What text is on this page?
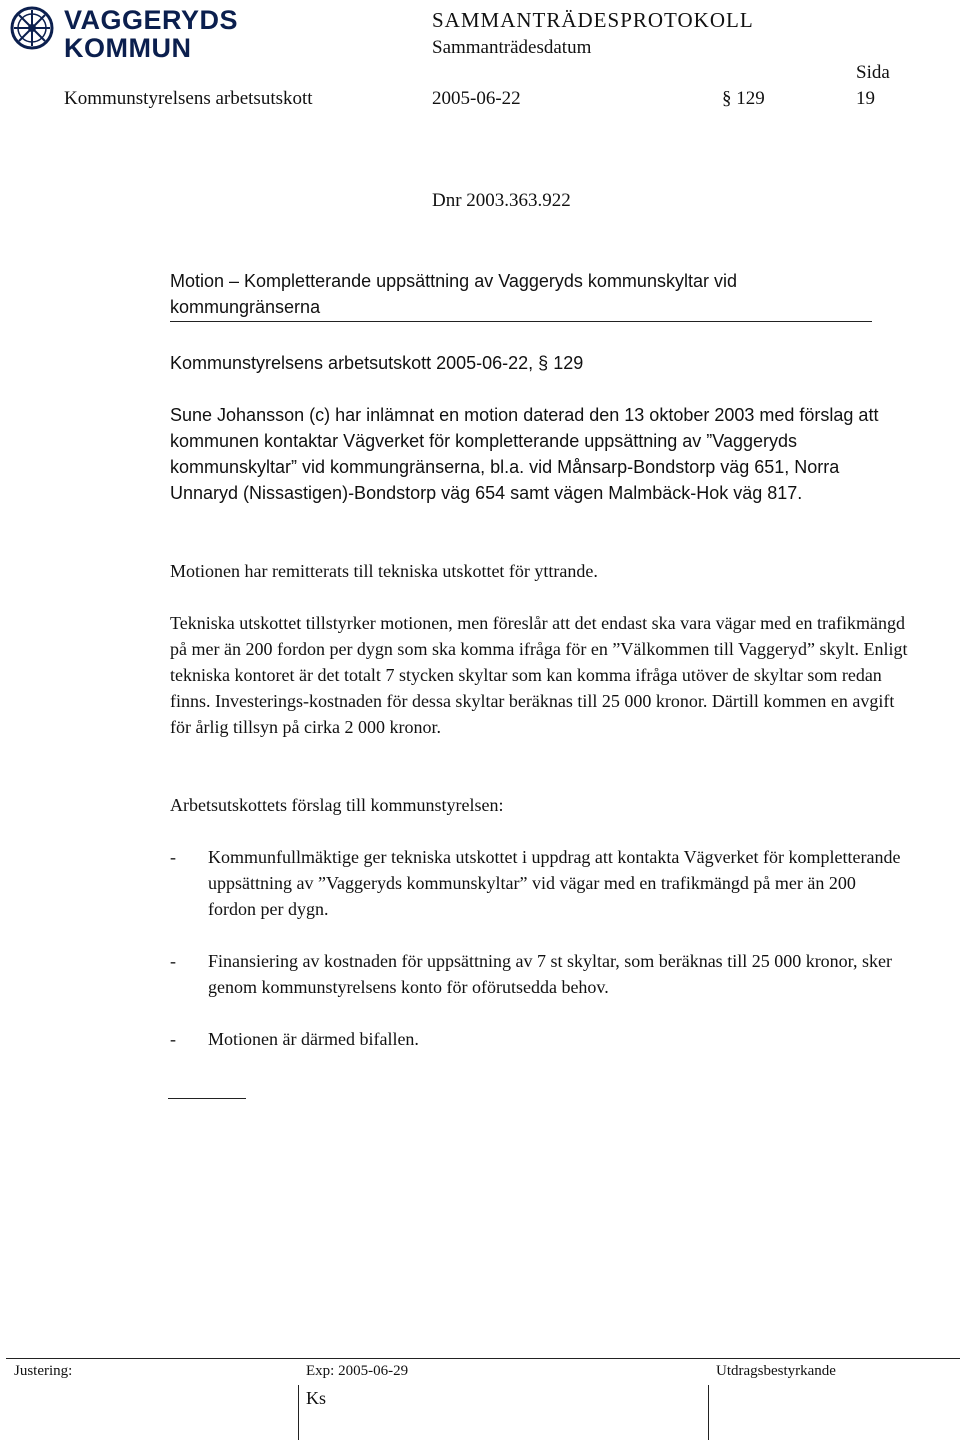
VAGGERYDS
KOMMUN
SAMMANTRÄDESPROTOKOLL
Sammanträdesdatum
Sida
Kommunstyrelsens arbetsutskott	2005-06-22	§ 129	19
Dnr 2003.363.922
Motion – Kompletterande uppsättning av Vaggeryds kommunskyltar vid kommungränserna
Kommunstyrelsens arbetsutskott 2005-06-22, § 129
Sune Johansson (c) har inlämnat en motion daterad den 13 oktober 2003 med förslag att kommunen kontaktar Vägverket för kompletterande uppsättning av ”Vaggeryds kommunskyltar” vid kommungränserna, bl.a. vid Månsarp-Bondstorp väg 651, Norra Unnaryd (Nissastigen)-Bondstorp väg 654 samt vägen Malmbäck-Hok väg 817.
Motionen har remitterats till tekniska utskottet för yttrande.
Tekniska utskottet tillstyrker motionen, men föreslår att det endast ska vara vägar med en trafikmängd på mer än 200 fordon per dygn som ska komma ifråga för en ”Välkommen till Vaggeryd” skylt. Enligt tekniska kontoret är det totalt 7 stycken skyltar som kan komma ifråga utöver de skyltar som redan finns. Investerings-kostnaden för dessa skyltar beräknas till 25 000 kronor. Därtill kommen en avgift för årlig tillsyn på cirka 2 000 kronor.
Arbetsutskottets förslag till kommunstyrelsen:
- Kommunfullmäktige ger tekniska utskottet i uppdrag att kontakta Vägverket för kompletterande uppsättning av ”Vaggeryds kommunskyltar” vid vägar med en trafikmängd på mer än 200 fordon per dygn.
- Finansiering av kostnaden för uppsättning av 7 st skyltar, som beräknas till 25 000 kronor, sker genom kommunstyrelsens konto för oförutsedda behov.
- Motionen är därmed bifallen.
Justering:	Exp: 2005-06-29
Ks
Utdragsbestyrkande
